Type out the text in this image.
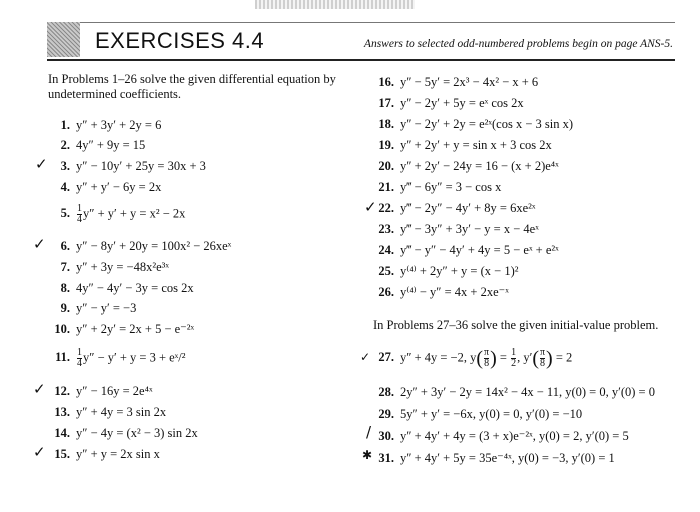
EXERCISES 4.4	Answers to selected odd-numbered problems begin on page ANS-5.
In Problems 1–26 solve the given differential equation by undetermined coefficients.
1. y″ + 3y′ + 2y = 6
2. 4y″ + 9y = 15
✓	3. y″ − 10y′ + 25y = 30x + 3
4. y″ + y′ − 6y = 2x
5. $\frac{1}{4} y'' + y' + y = x^2 - 2x$
✓	6. y″ − 8y′ + 20y = 100x² − 26xeˣ
7. y″ + 3y = −48x²e³ˣ
8. 4y″ − 4y′ − 3y = cos 2x
9. y″ − y′ = −3
10. y″ + 2y′ = 2x + 5 − e⁻²ˣ
11. $\frac{1}{4} y'' - y' + y = 3$ + eˣ/²
✓ 12. y″ − 16y = 2e⁴ˣ
13. y″ + 4y = 3 sin 2x
14. y″ − 4y = (x² − 3) sin 2x
✓ 15. y″ + y = 2x sin x
16. y″ − 5y′ = 2x³ − 4x² − x + 6
17. y″ − 2y′ + 5y = eˣ cos 2x
18. y″ − 2y′ + 2y = e²ˣ(cos x − 3 sin x)
19. y″ + 2y′ + y = sin x + 3 cos 2x
20. y″ + 2y′ − 24y = 16 − (x + 2)e⁴ˣ
21. y‴ − 6y″ = 3 − cos x
✓ 22. y‴ − 2y″ − 4y′ + 8y = 6xe²ˣ
23. y‴ − 3y″ + 3y′ − y = x − 4eˣ
24. y‴ − y″ − 4y′ + 4y = 5 − eˣ + e²ˣ
25. y⁽⁴⁾ + 2y″ + y = (x − 1)²
26. y⁽⁴⁾ − y″ = 4x + 2xe⁻ˣ
In Problems 27–36 solve the given initial-value problem.
✓ 27. y″ + 4y = −2, $y( \frac{\pi}{8}$ ) = $\frac{1}{2}$ , $y'( \frac{\pi}{8}$ ) = 2
28. 2y″ + 3y′ − 2y = 14x² − 4x − 11, y(0) = 0, y′(0) = 0
29. 5y″ + y′ = −6x, y(0) = 0, y′(0) = −10
/ 30. y″ + 4y′ + 4y = (3 + x)e⁻²ˣ, y(0) = 2, y′(0) = 5
✱ 31. y″ + 4y′ + 5y = 35e⁻⁴ˣ, y(0) = −3, y′(0) = 1
